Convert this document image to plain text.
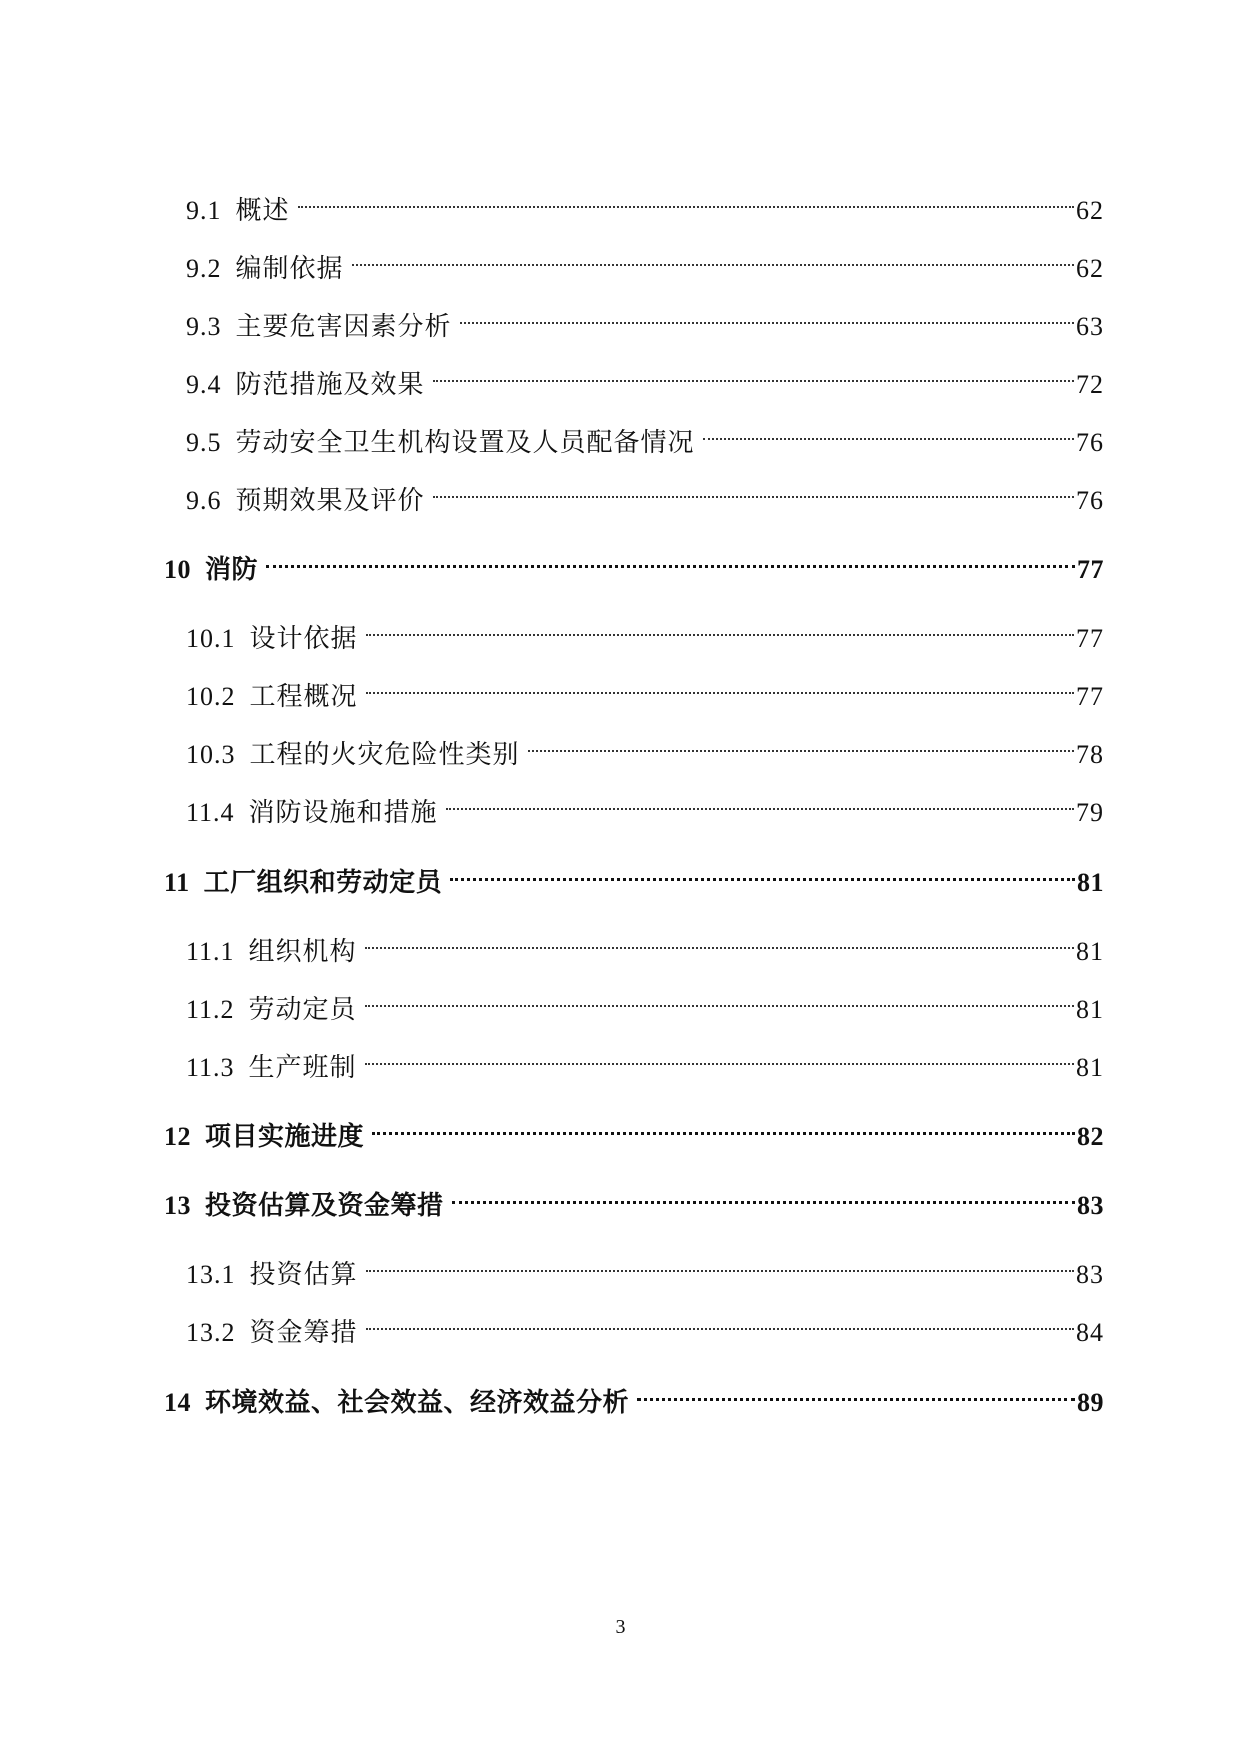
9.1 概述	62
9.2 编制依据	62
9.3 主要危害因素分析	63
9.4 防范措施及效果	72
9.5 劳动安全卫生机构设置及人员配备情况	76
9.6 预期效果及评价	76
10 消防	77
10.1 设计依据	77
10.2 工程概况	77
10.3 工程的火灾危险性类别	78
11.4 消防设施和措施	79
11 工厂组织和劳动定员	81
11.1 组织机构	81
11.2 劳动定员	81
11.3 生产班制	81
12 项目实施进度	82
13 投资估算及资金筹措	83
13.1 投资估算	83
13.2 资金筹措	84
14 环境效益、社会效益、经济效益分析	89
3
